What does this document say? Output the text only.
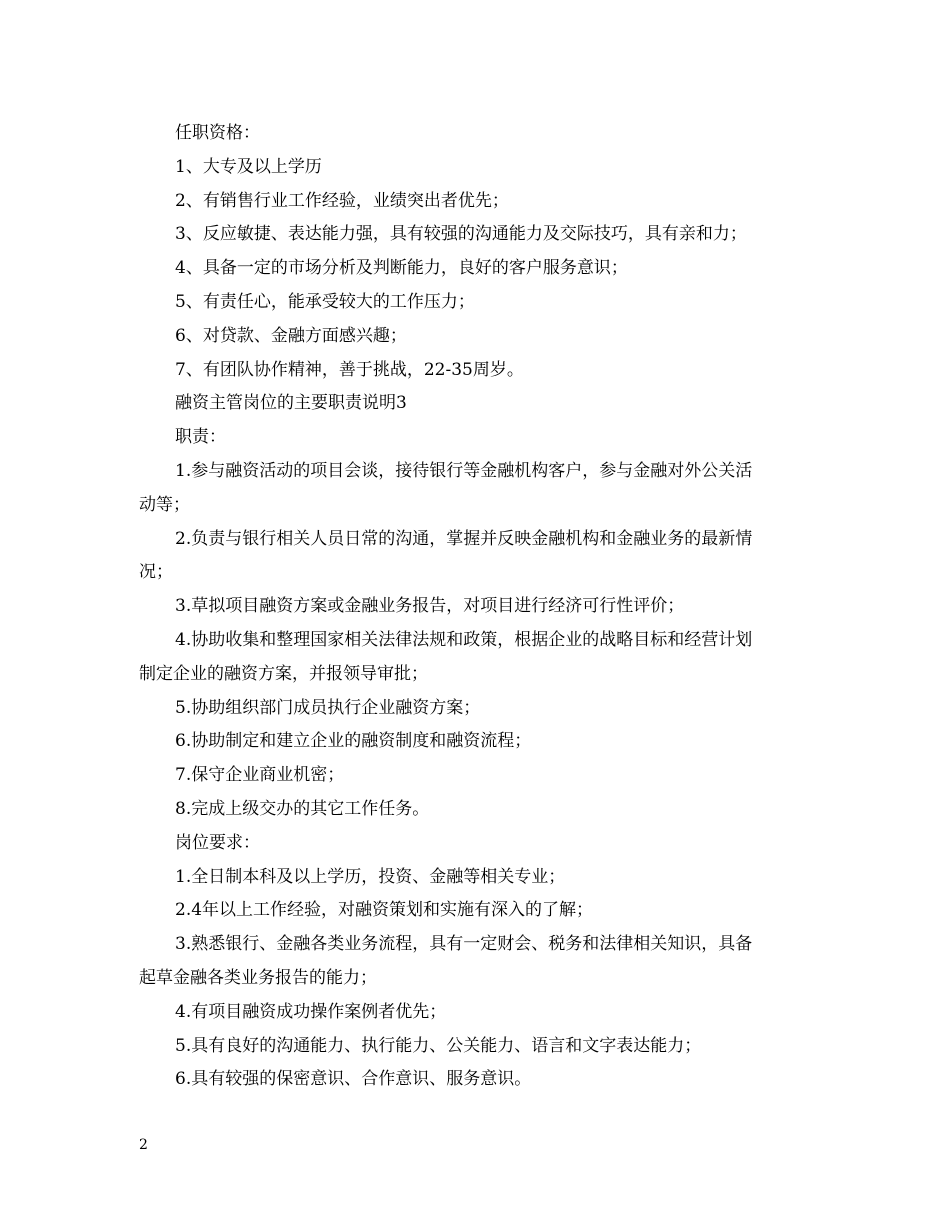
任职资格：

1、大专及以上学历

2、有销售行业工作经验，业绩突出者优先；

3、反应敏捷、表达能力强，具有较强的沟通能力及交际技巧，具有亲和力；

4、具备一定的市场分析及判断能力，良好的客户服务意识；

5、有责任心，能承受较大的工作压力；

6、对贷款、金融方面感兴趣；

7、有团队协作精神，善于挑战，22-35周岁。

融资主管岗位的主要职责说明3

职责：

1.参与融资活动的项目会谈，接待银行等金融机构客户，参与金融对外公关活

动等；

2.负责与银行相关人员日常的沟通，掌握并反映金融机构和金融业务的最新情

况；

3.草拟项目融资方案或金融业务报告，对项目进行经济可行性评价；

4.协助收集和整理国家相关法律法规和政策，根据企业的战略目标和经营计划

制定企业的融资方案，并报领导审批；

5.协助组织部门成员执行企业融资方案；

6.协助制定和建立企业的融资制度和融资流程；

7.保守企业商业机密；

8.完成上级交办的其它工作任务。

岗位要求：

1.全日制本科及以上学历，投资、金融等相关专业；

2.4年以上工作经验，对融资策划和实施有深入的了解；

3.熟悉银行、金融各类业务流程，具有一定财会、税务和法律相关知识，具备

起草金融各类业务报告的能力；

4.有项目融资成功操作案例者优先；

5.具有良好的沟通能力、执行能力、公关能力、语言和文字表达能力；

6.具有较强的保密意识、合作意识、服务意识。

2
